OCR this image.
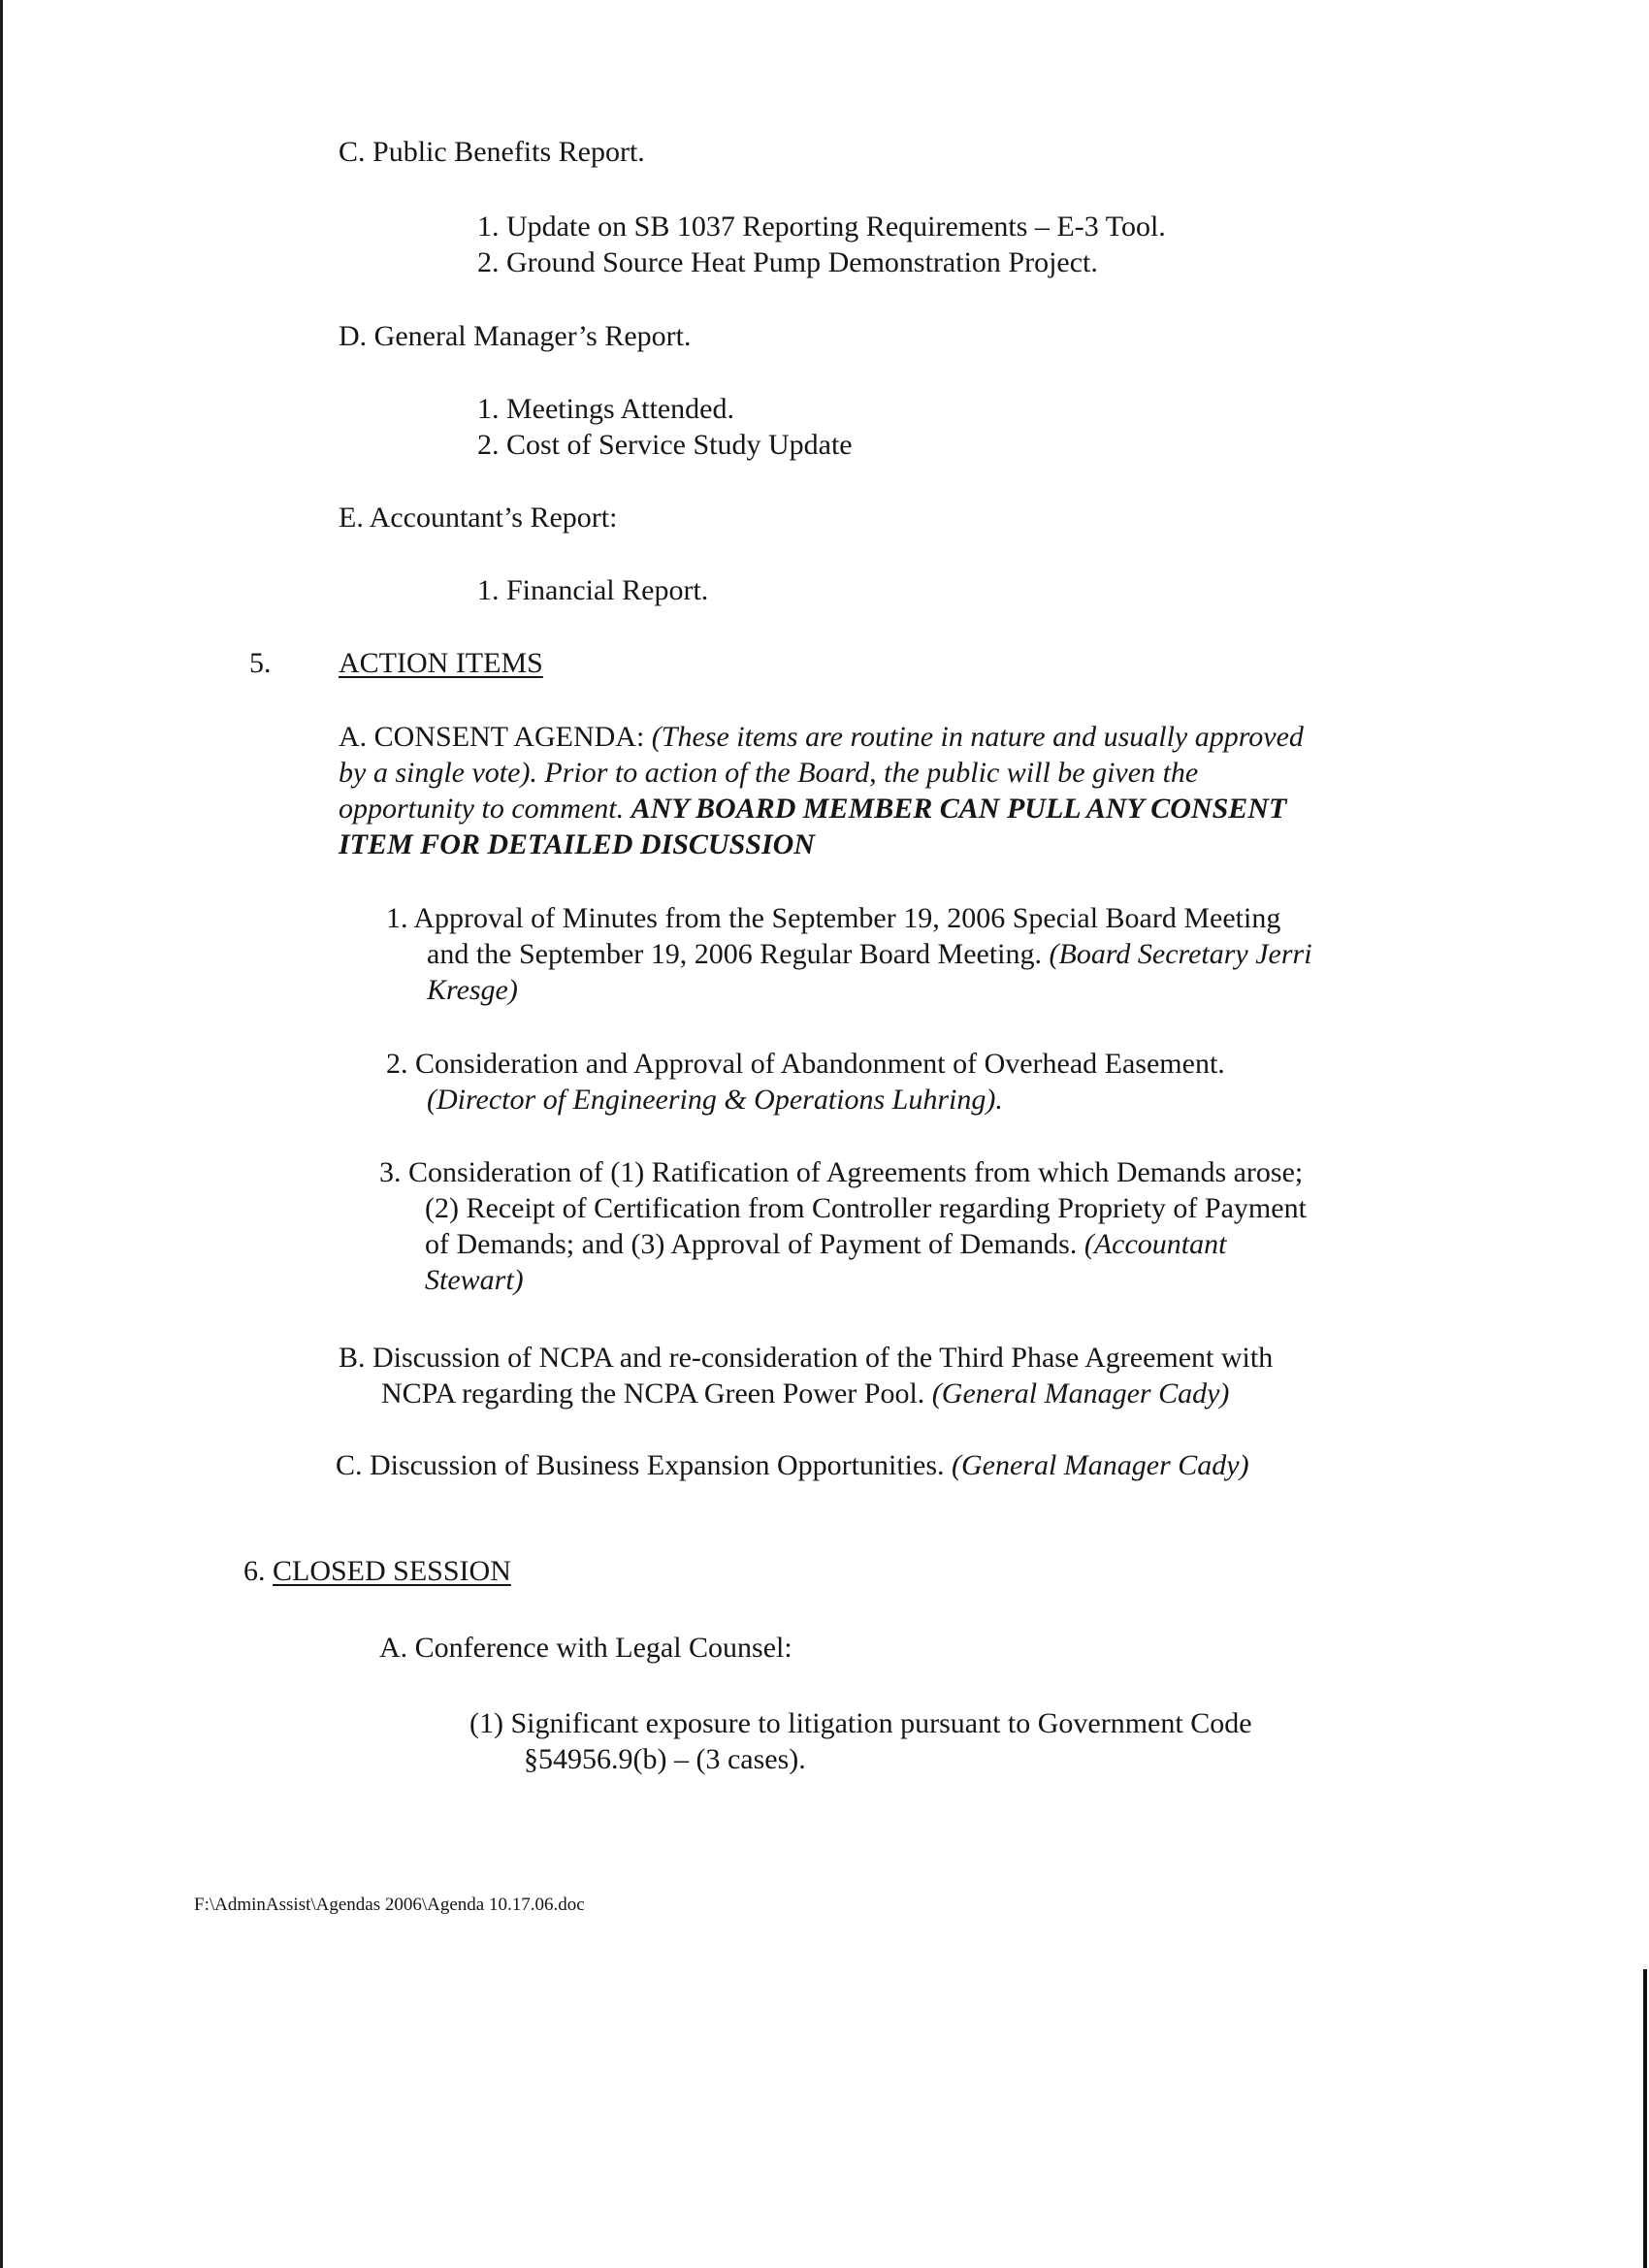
C. Public Benefits Report.

1. Update on SB 1037 Reporting Requirements – E-3 Tool.

2. Ground Source Heat Pump Demonstration Project.

D. General Manager’s Report.

1. Meetings Attended.

2. Cost of Service Study Update

E. Accountant’s Report:

1. Financial Report.

5. ACTION ITEMS

A. CONSENT AGENDA: (These items are routine in nature and usually approved

by a single vote). Prior to action of the Board, the public will be given the

opportunity to comment. ANY BOARD MEMBER CAN PULL ANY CONSENT

ITEM FOR DETAILED DISCUSSION

1. Approval of Minutes from the September 19, 2006 Special Board Meeting

and the September 19, 2006 Regular Board Meeting. (Board Secretary Jerri

Kresge)

2. Consideration and Approval of Abandonment of Overhead Easement.

(Director of Engineering & Operations Luhring).

3. Consideration of (1) Ratification of Agreements from which Demands arose;

(2) Receipt of Certification from Controller regarding Propriety of Payment

of Demands; and (3) Approval of Payment of Demands. (Accountant

Stewart)

B. Discussion of NCPA and re-consideration of the Third Phase Agreement with

NCPA regarding the NCPA Green Power Pool. (General Manager Cady)

C. Discussion of Business Expansion Opportunities. (General Manager Cady)

6. CLOSED SESSION

A. Conference with Legal Counsel:

(1) Significant exposure to litigation pursuant to Government Code

§54956.9(b) – (3 cases).

F:\AdminAssist\Agendas 2006\Agenda 10.17.06.doc
